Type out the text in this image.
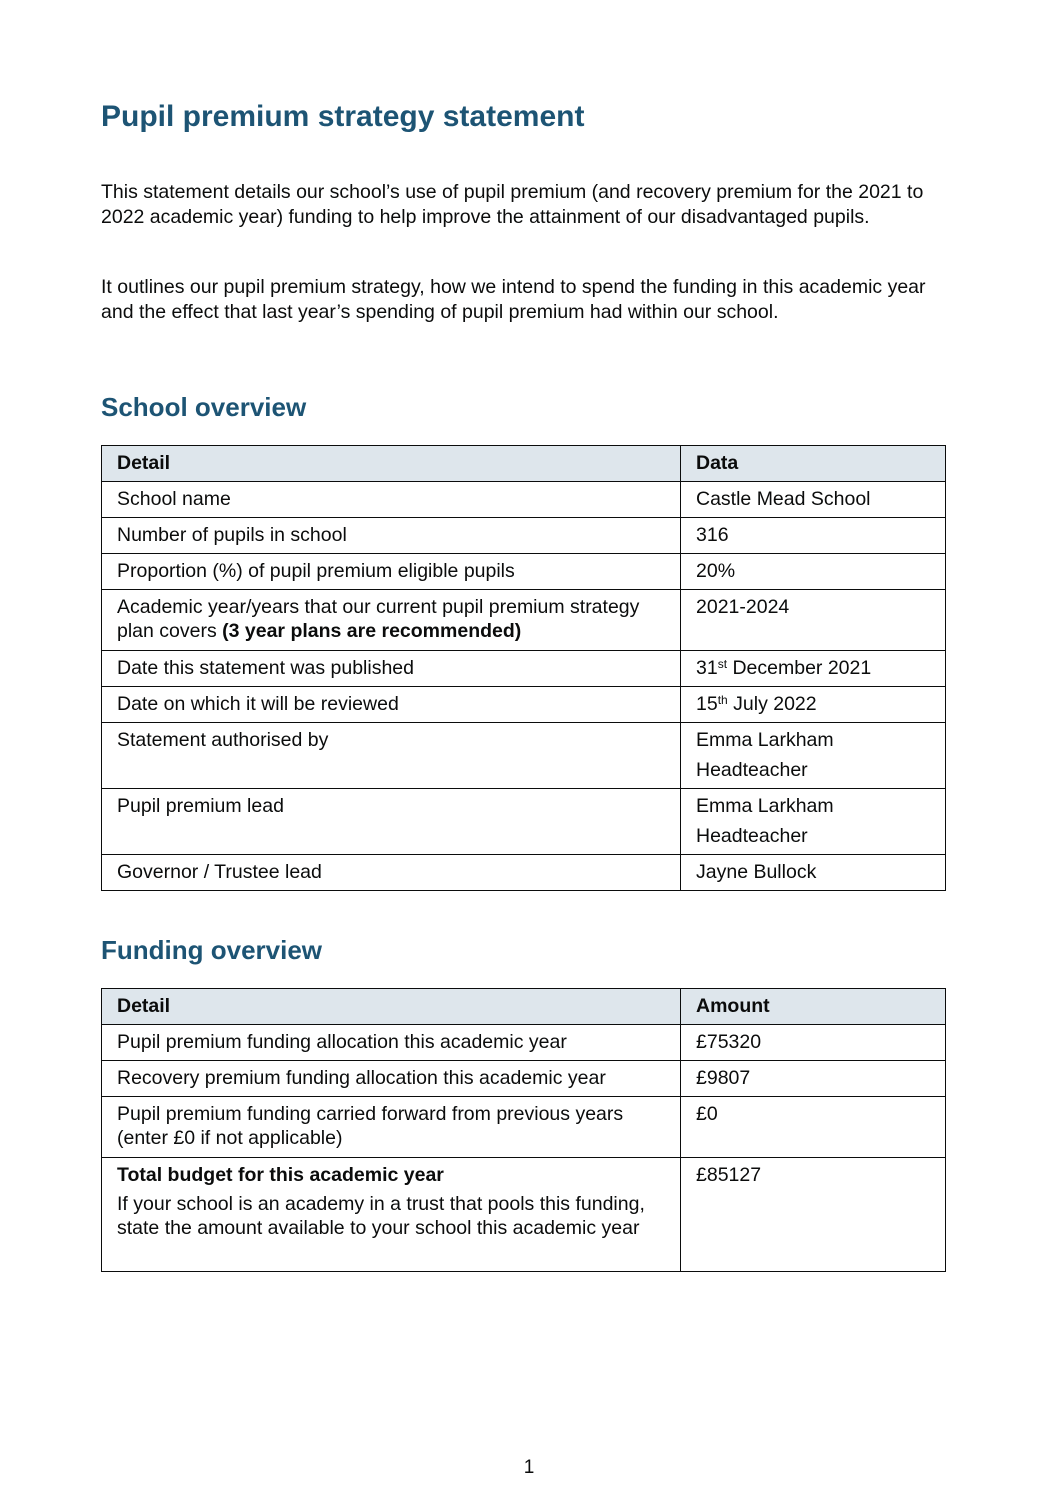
Pupil premium strategy statement

This statement details our school’s use of pupil premium (and recovery premium for the 2021 to 2022 academic year) funding to help improve the attainment of our disadvantaged pupils.

It outlines our pupil premium strategy, how we intend to spend the funding in this academic year and the effect that last year’s spending of pupil premium had within our school.

School overview
Detail	Data
School name	Castle Mead School
Number of pupils in school	316
Proportion (%) of pupil premium eligible pupils	20%
Academic year/years that our current pupil premium strategy plan covers (3 year plans are recommended)	2021-2024
Date this statement was published	31st December 2021
Date on which it will be reviewed	15th July 2022
Statement authorised by	Emma Larkham
Headteacher

Pupil premium lead	Emma Larkham
Headteacher

Governor / Trustee lead	Jayne Bullock
Funding overview
Detail	Amount
Pupil premium funding allocation this academic year	£75320
Recovery premium funding allocation this academic year	£9807
Pupil premium funding carried forward from previous years (enter £0 if not applicable)	£0

Total budget for this academic year
If your school is an academy in a trust that pools this funding, state the amount available to your school this academic year	£85127
1
